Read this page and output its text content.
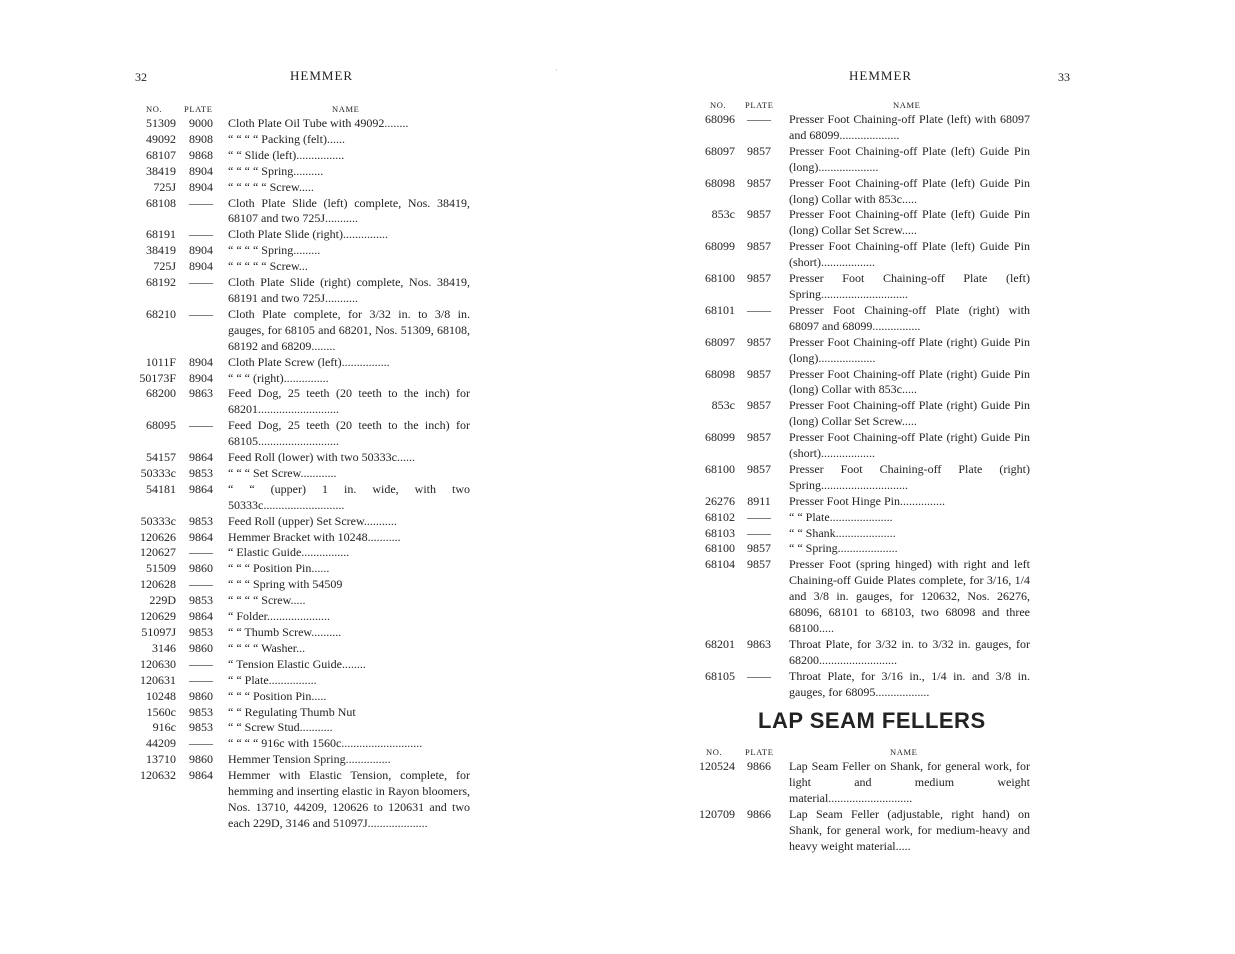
32	HEMMER
NO.	PLATE	NAME
51309	9000	Cloth Plate Oil Tube with 49092........
49092	8908	“ “ “ “ Packing (felt)......
68107	9868	“ “ Slide (left)................
38419	8904	“ “ “ “ Spring..........
725J	8904	“ “ “ “ “ Screw.....
68108	——	Cloth Plate Slide (left) complete, Nos. 38419, 68107 and two 725J...........
68191	——	Cloth Plate Slide (right)...............
38419	8904	“ “ “ “ Spring.........
725J	8904	“ “ “ “ “ Screw...
68192	——	Cloth Plate Slide (right) complete, Nos. 38419, 68191 and two 725J...........
68210	——	Cloth Plate complete, for 3/32 in. to 3/8 in. gauges, for 68105 and 68201, Nos. 51309, 68108, 68192 and 68209........
1011F	8904	Cloth Plate Screw (left)................
50173F	8904	“ “ “ (right)...............
68200	9863	Feed Dog, 25 teeth (20 teeth to the inch) for 68201...........................
68095	——	Feed Dog, 25 teeth (20 teeth to the inch) for 68105...........................
54157	9864	Feed Roll (lower) with two 50333c......
50333c	9853	“ “ “ Set Screw............
54181	9864	“ “ (upper) 1 in. wide, with two 50333c...........................
50333c	9853	Feed Roll (upper) Set Screw...........
120626	9864	Hemmer Bracket with 10248...........
120627	——	“ Elastic Guide................
51509	9860	“ “ “ Position Pin......
120628	——	“ “ “ Spring with 54509
229D	9853	“ “ “ “ Screw.....
120629	9864	“ Folder.....................
51097J	9853	“ “ Thumb Screw..........
3146	9860	“ “ “ “ Washer...
120630	——	“ Tension Elastic Guide........
120631	——	“ “ Plate................
10248	9860	“ “ “ Position Pin.....
1560c	9853	“ “ Regulating Thumb Nut
916c	9853	“ “ Screw Stud...........
44209	——	“ “ “ “ 916c with 1560c...........................
13710	9860	Hemmer Tension Spring...............
120632	9864	Hemmer with Elastic Tension, complete, for hemming and inserting elastic in Rayon bloomers, Nos. 13710, 44209, 120626 to 120631 and two each 229D, 3146 and 51097J....................
·	HEMMER	33
NO. PLATE	NAME
68096	——	Presser Foot Chaining-off Plate (left) with 68097 and 68099....................
68097	9857	Presser Foot Chaining-off Plate (left) Guide Pin (long)....................
68098	9857	Presser Foot Chaining-off Plate (left) Guide Pin (long) Collar with 853c.....
853c	9857	Presser Foot Chaining-off Plate (left) Guide Pin (long) Collar Set Screw.....
68099	9857	Presser Foot Chaining-off Plate (left) Guide Pin (short)..................
68100	9857	Presser Foot Chaining-off Plate (left) Spring.............................
68101	——	Presser Foot Chaining-off Plate (right) with 68097 and 68099................
68097	9857	Presser Foot Chaining-off Plate (right) Guide Pin (long)...................
68098	9857	Presser Foot Chaining-off Plate (right) Guide Pin (long) Collar with 853c.....
853c	9857	Presser Foot Chaining-off Plate (right) Guide Pin (long) Collar Set Screw.....
68099	9857	Presser Foot Chaining-off Plate (right) Guide Pin (short)..................
68100	9857	Presser Foot Chaining-off Plate (right) Spring.............................
26276	8911	Presser Foot Hinge Pin...............
68102	——	“ “ Plate.....................
68103	——	“ “ Shank....................
68100	9857	“ “ Spring....................
68104	9857	Presser Foot (spring hinged) with right and left Chaining-off Guide Plates complete, for 3/16, 1/4 and 3/8 in. gauges, for 120632, Nos. 26276, 68096, 68101 to 68103, two 68098 and three 68100.....
68201	9863	Throat Plate, for 3/32 in. to 3/32 in. gauges, for 68200..........................
68105	——	Throat Plate, for 3/16 in., 1/4 in. and 3/8 in. gauges, for 68095..................
LAP SEAM FELLERS
NO.	PLATE	NAME
120524	9866	Lap Seam Feller on Shank, for general work, for light and medium weight material............................
120709	9866	Lap Seam Feller (adjustable, right hand) on Shank, for general work, for medium-heavy and heavy weight material.....
